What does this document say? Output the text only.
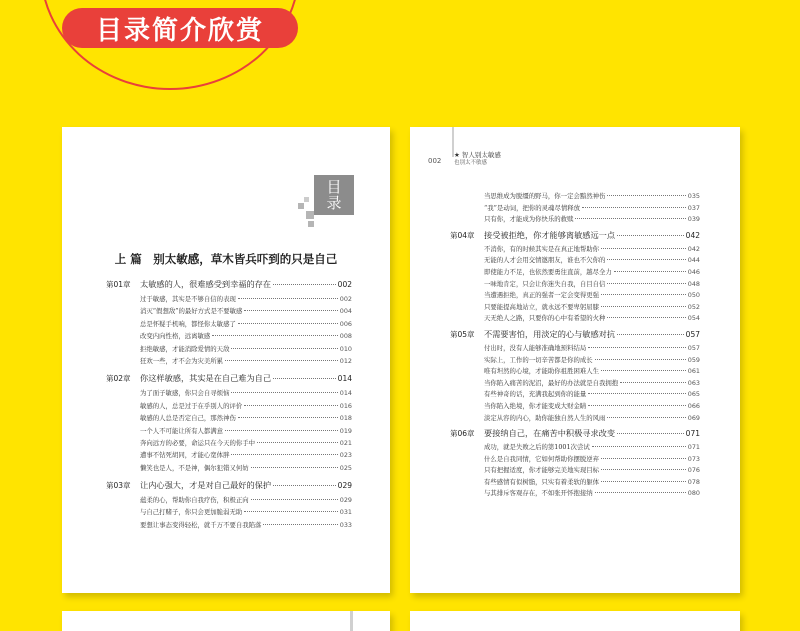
目录简介欣赏
目
录
上 篇　别太敏感，草木皆兵吓到的只是自己
第01章	太敏感的人，很难感受到幸福的存在	002
过于敏感，其实是不够自信的表现	002
消灭“假想敌”的最好方式是不要敏感	004
总是怀疑手机响，都怪你太敏感了	006
改变内向性格，远离敏感	008
拒绝敏感，才能消除爱情的天敌	010
狂欢一些，才不会为灾美所累	012
第02章	你这样敏感，其实是在自己难为自己	014
为了面子敏感，你只会自寻烦恼	014
敏感的人，总是过于在乎别人的评价	016
敏感的人总是否定自己，那然神伤	018
一个人不可能让所有人都满意	019
奔向远方的必要，命运只在今天的你手中	021
遭事不钻死胡同，才能心宽体胖	023
懒笑也是人，不是神，偶尔犯错又何妨	025
第03章	让内心强大，才是对自己最好的保护	029
蕴柔的心，帮助你自我疗伤，积极正向	029
与自己打赌子，你只会更加脆弱无助	031
要想让事态变得轻松，就千万不要自我陷落	033
002
★ 智人别太敏感
也别太不敏感
当思维成为脱缰的野马，你一定会黯然神伤	035
“我”是动词，把你的灵魂尽情释放	037
只有你，才能成为你快乐的救赎	039
第04章	接受被拒绝，你才能够离敏感远一点	042
不消你，有的时候其实是在真正地帮助你	042
无能的人才会用交情邀朋友，谁也不欠你的	044
即使能力不足，也依然要勇往直前，越尽全力	046
一味地肯定，只会让你迷失自我，自目自信	048
当遭遇拒绝，真正的强者一定会变得更强	050
只要能提高地站立，就永远不要卑躬屈膝	052
天无绝人之路，只要你的心中有希望的火种	054
第05章	不需要害怕，用淡定的心与敏感对抗	057
付出时，没有人能够准确地预料结局	057
实际上，工作的一切辛苦都是你的成长	059
唯有坦然的心境，才能助你祖胜困难人生	061
当你陷入痛苦的泥沼，最好的办法就是自我拥抱	063
有些神奇的话，充满我起到你的能量	065
当你陷入绝境，你才能变成大财金睛	066
淡定从容的内心，助你能独自然人生的风雨	069
第06章	要接纳自己，在痛苦中积极寻求改变	071
成功，就是失败之后的第1001次尝试	071
什么是自我同情，它如何帮助你摆脱逆弃	073
只有把握适度，你才能够完美地实现目标	076
有些感情有似树脂，只实有着柔软的躯体	078
与其排斥客观存在，不如张开怀抱接纳	080
